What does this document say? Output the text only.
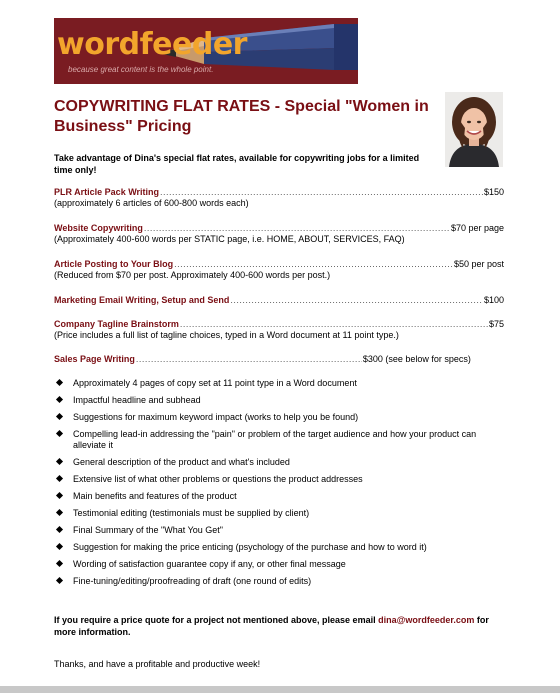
wordfeeder
because great content is the whole point.
COPYWRITING FLAT RATES - Special "Women in Business" Pricing
Take advantage of Dina's special flat rates, available for copywriting jobs for a limited time only!
PLR Article Pack Writing .....	$150
(approximately 6 articles of 600-800 words each)
Website Copywriting .....	$70 per page
(Approximately 400-600 words per STATIC page, i.e. HOME, ABOUT, SERVICES, FAQ)
Article Posting to Your Blog .....	$50 per post
(Reduced from $70 per post. Approximately 400-600 words per post.)
Marketing Email Writing, Setup and Send .....	$100
Company Tagline Brainstorm .....	$75
(Price includes a full list of tagline choices, typed in a Word document at 11 point type.)
Sales Page Writing .....	$300 (see below for specs)
Approximately 4 pages of copy set at 11 point type in a Word document
Impactful headline and subhead
Suggestions for maximum keyword impact (works to help you be found)
Compelling lead-in addressing the "pain" or problem of the target audience and how your product can alleviate it
General description of the product and what's included
Extensive list of what other problems or questions the product addresses
Main benefits and features of the product
Testimonial editing (testimonials must be supplied by client)
Final Summary of the "What You Get"
Suggestion for making the price enticing (psychology of the purchase and how to word it)
Wording of satisfaction guarantee copy if any, or other final message
Fine-tuning/editing/proofreading of draft (one round of edits)
If you require a price quote for a project not mentioned above, please email dina@wordfeeder.com for more information.
Thanks, and have a profitable and productive week!
